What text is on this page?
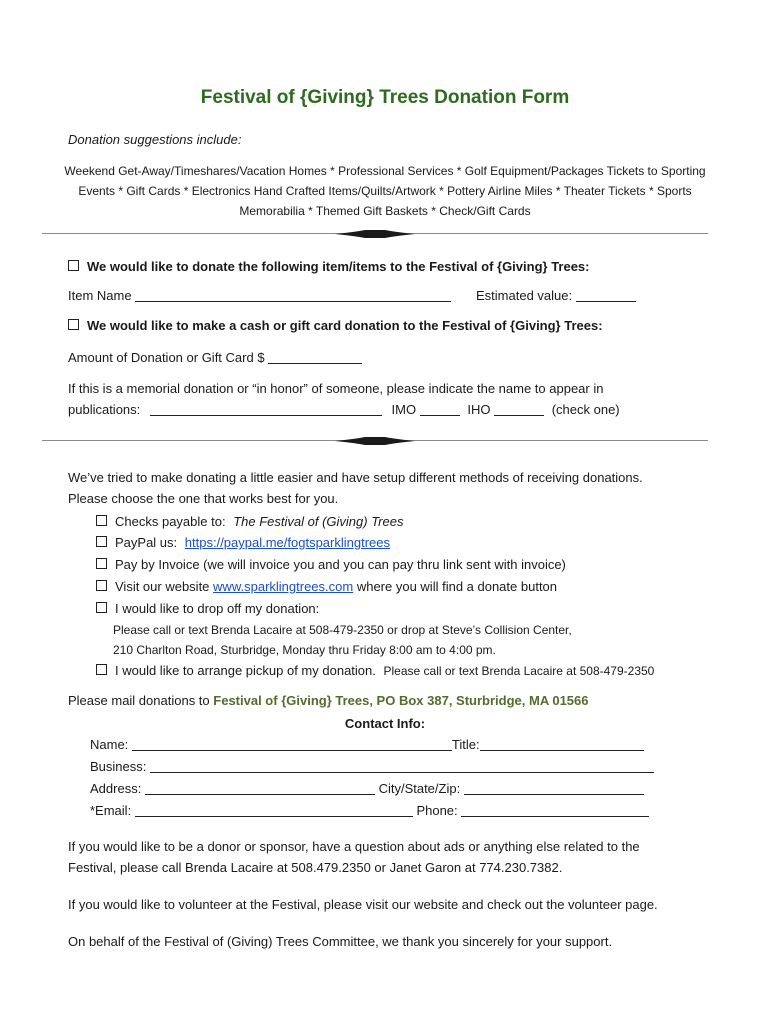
Festival of {Giving} Trees Donation Form
Donation suggestions include:
Weekend Get-Away/Timeshares/Vacation Homes * Professional Services * Golf Equipment/Packages Tickets to Sporting Events * Gift Cards * Electronics Hand Crafted Items/Quilts/Artwork * Pottery Airline Miles * Theater Tickets * Sports Memorabilia * Themed Gift Baskets * Check/Gift Cards
We would like to donate the following item/items to the Festival of {Giving} Trees:
Item Name	Estimated value:
We would like to make a cash or gift card donation to the Festival of {Giving} Trees:
Amount of Donation or Gift Card $
If this is a memorial donation or “in honor” of someone, please indicate the name to appear in
publications:	IMO	IHO	(check one)
We’ve tried to make donating a little easier and have setup different methods of receiving donations.
Please choose the one that works best for you.
Checks payable to: The Festival of (Giving) Trees
PayPal us: https://paypal.me/fogtsparklingtrees
Pay by Invoice (we will invoice you and you can pay thru link sent with invoice)
Visit our website www.sparklingtrees.com where you will find a donate button
I would like to drop off my donation:
Please call or text Brenda Lacaire at 508-479-2350 or drop at Steve’s Collision Center,
210 Charlton Road, Sturbridge, Monday thru Friday 8:00 am to 4:00 pm.
I would like to arrange pickup of my donation. Please call or text Brenda Lacaire at 508-479-2350
Please mail donations to Festival of {Giving} Trees, PO Box 387, Sturbridge, MA 01566
Contact Info:
Name:	Title:
Business:
Address:	City/State/Zip:
*Email:	Phone:
If you would like to be a donor or sponsor, have a question about ads or anything else related to the
Festival, please call Brenda Lacaire at 508.479.2350 or Janet Garon at 774.230.7382.
If you would like to volunteer at the Festival, please visit our website and check out the volunteer page.
On behalf of the Festival of (Giving) Trees Committee, we thank you sincerely for your support.
